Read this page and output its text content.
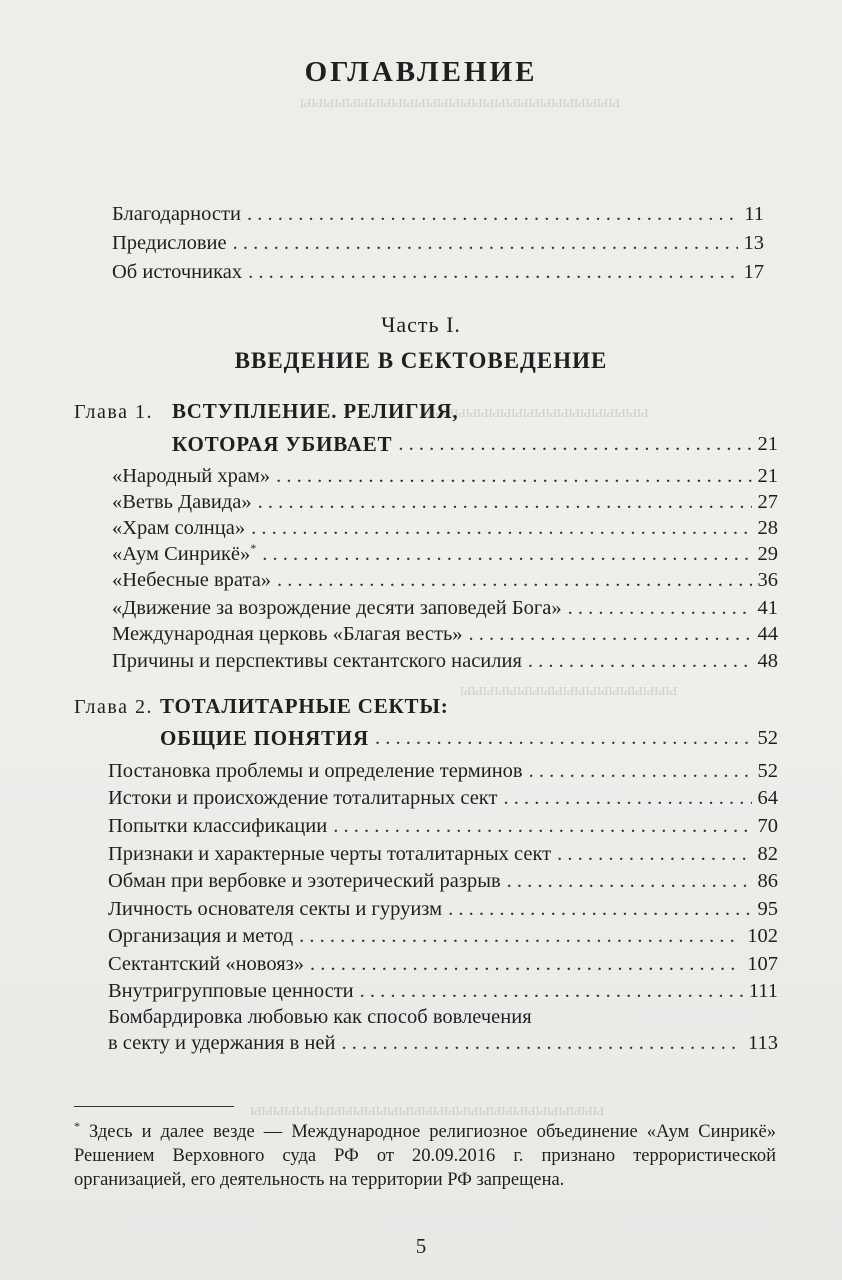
ыыыыыыыыыыыыыыыыыыыыыыыыыыыы
ыыыыыыыыыыыыыыыыыыыы
ыыыыыыыыыыыыыыыыыыы
ыыыыыыыыыыыыыыыыыыыыыыыыыыыыыыы
ОГЛАВЛЕНИЕ
Благодарности . . .	11
Предисловие . . .	13
Об источниках . . .	17
Часть I.
ВВЕДЕНИЕ В СЕКТОВЕДЕНИЕ
Глава 1. ВСТУПЛЕНИЕ. РЕЛИГИЯ,
КОТОРАЯ УБИВАЕТ . . .	21
«Народный храм» . . .	21
«Ветвь Давида» . . .	27
«Храм солнца» . . .	28
«Аум Синрикё»* . . .	29
«Небесные врата» . . .	36
«Движение за возрождение десяти заповедей Бога» . . .	41
Международная церковь «Благая весть» . . .	44
Причины и перспективы сектантского насилия . . .	48
Глава 2. ТОТАЛИТАРНЫЕ СЕКТЫ:
ОБЩИЕ ПОНЯТИЯ . . .	52
Постановка проблемы и определение терминов . . .	52
Истоки и происхождение тоталитарных сект . . .	64
Попытки классификации . . .	70
Признаки и характерные черты тоталитарных сект . . .	82
Обман при вербовке и эзотерический разрыв . . .	86
Личность основателя секты и гуруизм . . .	95
Организация и метод . . .	102
Сектантский «новояз» . . .	107
Внутригрупповые ценности . . .	111
Бомбардировка любовью как способ вовлечения
в секту и удержания в ней . . .	113
* Здесь и далее везде — Международное религиозное объединение «Аум Синрикё» Решением Верховного суда РФ от 20.09.2016 г. признано террористической организацией, его деятельность на территории РФ запрещена.
5
